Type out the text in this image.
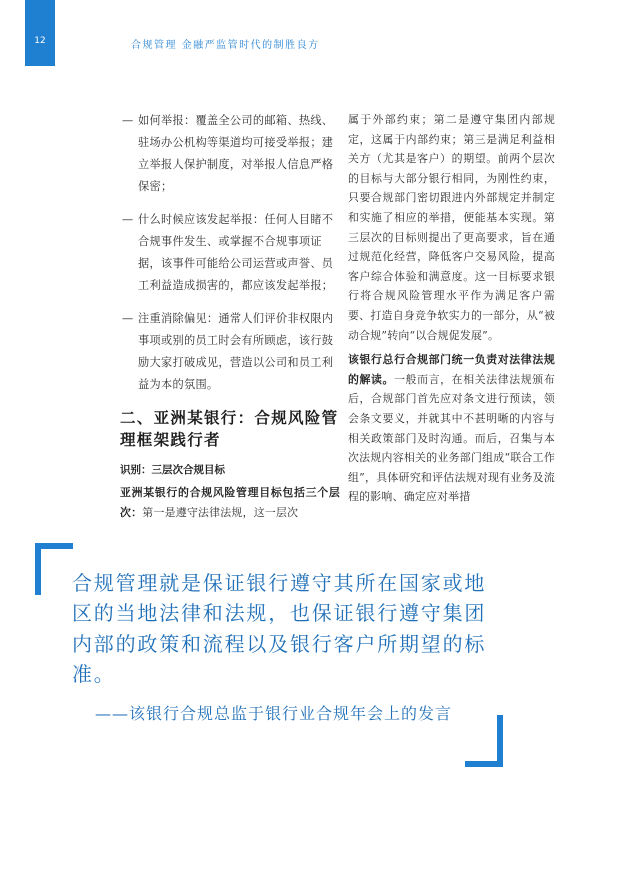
12	合规管理 金融严监管时代的制胜良方
— 如何举报：覆盖全公司的邮箱、热线、驻场办公机构等渠道均可接受举报；建立举报人保护制度，对举报人信息严格保密；
— 什么时候应该发起举报：任何人目睹不合规事件发生、或掌握不合规事项证据，该事件可能给公司运营或声誉、员工利益造成损害的，都应该发起举报；
— 注重消除偏见：通常人们评价非权限内事项或别的员工时会有所顾虑，该行鼓励大家打破成见，营造以公司和员工利益为本的氛围。
二、亚洲某银行：合规风险管理框架践行者
识别：三层次合规目标

亚洲某银行的合规风险管理目标包括三个层次：第一是遵守法律法规，这一层次

属于外部约束；第二是遵守集团内部规定，这属于内部约束；第三是满足利益相关方（尤其是客户）的期望。前两个层次的目标与大部分银行相同，为刚性约束，只要合规部门密切跟进内外部规定并制定和实施了相应的举措，便能基本实现。第三层次的目标则提出了更高要求，旨在通过规范化经营，降低客户交易风险，提高客户综合体验和满意度。这一目标要求银行将合规风险管理水平作为满足客户需要、打造自身竞争软实力的一部分，从“被动合规”转向“以合规促发展”。

该银行总行合规部门统一负责对法律法规的解读。一般而言，在相关法律法规颁布后，合规部门首先应对条文进行预读，领会条文要义，并就其中不甚明晰的内容与相关政策部门及时沟通。而后，召集与本次法规内容相关的业务部门组成“联合工作组”，具体研究和评估法规对现有业务及流程的影响、确定应对举措

合规管理就是保证银行遵守其所在国家或地区的当地法律和法规，也保证银行遵守集团内部的政策和流程以及银行客户所期望的标准。
——该银行合规总监于银行业合规年会上的发言
